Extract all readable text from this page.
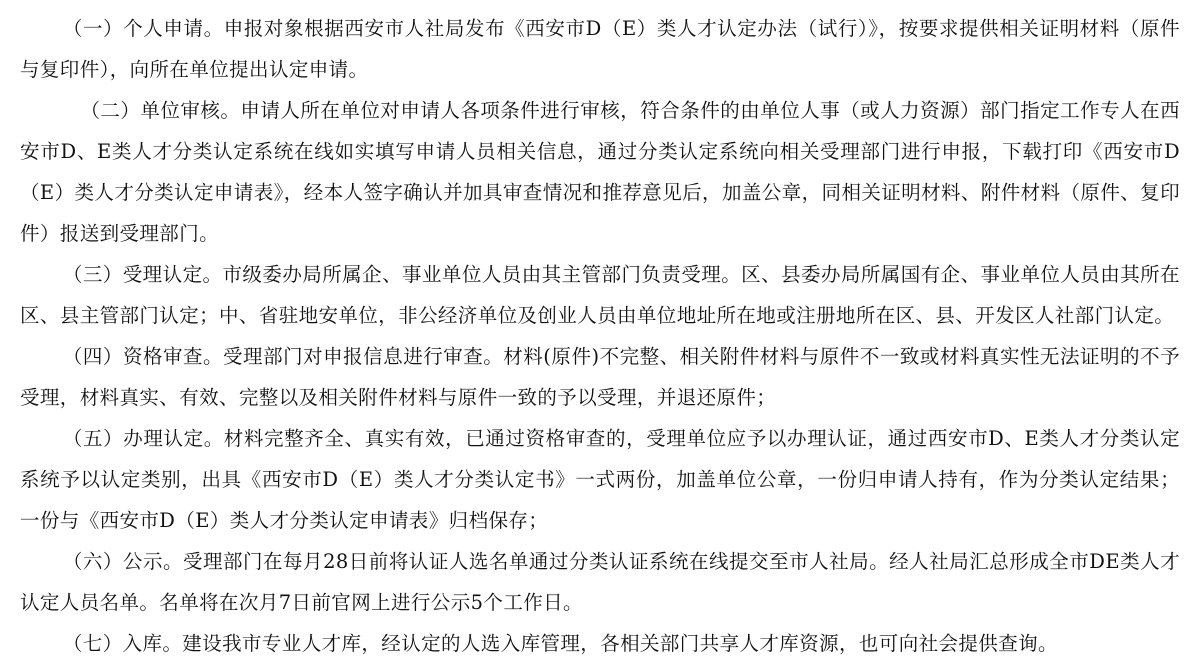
（一）个人申请。申报对象根据西安市人社局发布《西安市D（E）类人才认定办法（试行）》，按要求提供相关证明材料（原件与复印件），向所在单位提出认定申请。

（二）单位审核。申请人所在单位对申请人各项条件进行审核，符合条件的由单位人事（或人力资源）部门指定工作专人在西安市D、E类人才分类认定系统在线如实填写申请人员相关信息，通过分类认定系统向相关受理部门进行申报，下载打印《西安市D（E）类人才分类认定申请表》，经本人签字确认并加具审查情况和推荐意见后，加盖公章，同相关证明材料、附件材料（原件、复印件）报送到受理部门。

（三）受理认定。市级委办局所属企、事业单位人员由其主管部门负责受理。区、县委办局所属国有企、事业单位人员由其所在区、县主管部门认定；中、省驻地安单位，非公经济单位及创业人员由单位地址所在地或注册地所在区、县、开发区人社部门认定。

（四）资格审查。受理部门对申报信息进行审查。材料(原件)不完整、相关附件材料与原件不一致或材料真实性无法证明的不予受理，材料真实、有效、完整以及相关附件材料与原件一致的予以受理，并退还原件；

（五）办理认定。材料完整齐全、真实有效，已通过资格审查的，受理单位应予以办理认证，通过西安市D、E类人才分类认定系统予以认定类别，出具《西安市D（E）类人才分类认定书》一式两份，加盖单位公章，一份归申请人持有，作为分类认定结果；一份与《西安市D（E）类人才分类认定申请表》归档保存；

（六）公示。受理部门在每月28日前将认证人选名单通过分类认证系统在线提交至市人社局。经人社局汇总形成全市DE类人才认定人员名单。名单将在次月7日前官网上进行公示5个工作日。

（七）入库。建设我市专业人才库，经认定的人选入库管理，各相关部门共享人才库资源，也可向社会提供查询。
